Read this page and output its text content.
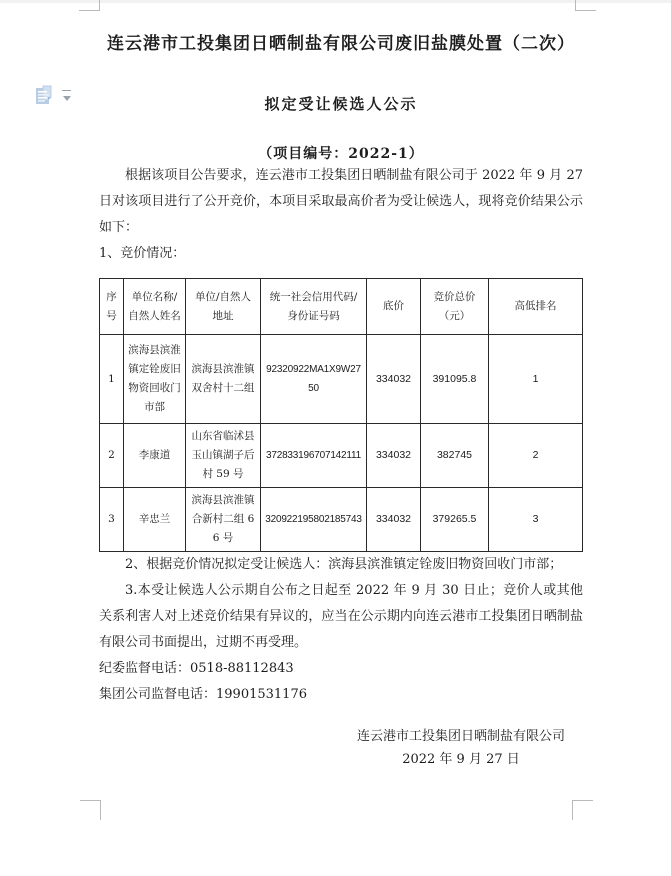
连云港市工投集团日晒制盐有限公司废旧盐膜处置（二次）
拟定受让候选人公示
（项目编号：2022-1）

根据该项目公告要求，连云港市工投集团日晒制盐有限公司于 2022 年 9 月 27 日对该项目进行了公开竞价，本项目采取最高价者为受让候选人，现将竞价结果公示如下：

1、竞价情况：

序号	单位名称/自然人姓名	单位/自然人地址	统一社会信用代码/身份证号码	底价	竞价总价（元）	高低排名
1	滨海县滨淮镇定铨废旧物资回收门市部	滨海县滨淮镇双舍村十二组	92320922MA1X9W2750	334032	391095.8	1
2	李康道	山东省临沭县玉山镇湖子后村 59 号	372833196707142111	334032	382745	2
3	辛忠兰	滨海县滨淮镇合新村二组 66 号	320922195802185743	334032	379265.5	3

2、根据竞价情况拟定受让候选人：滨海县滨淮镇定铨废旧物资回收门市部；

3.本受让候选人公示期自公布之日起至 2022 年 9 月 30 日止；竞价人或其他关系利害人对上述竞价结果有异议的，应当在公示期内向连云港市工投集团日晒制盐有限公司书面提出，过期不再受理。

纪委监督电话：0518-88112843

集团公司监督电话：19901531176

连云港市工投集团日晒制盐有限公司

2022 年 9 月 27 日
